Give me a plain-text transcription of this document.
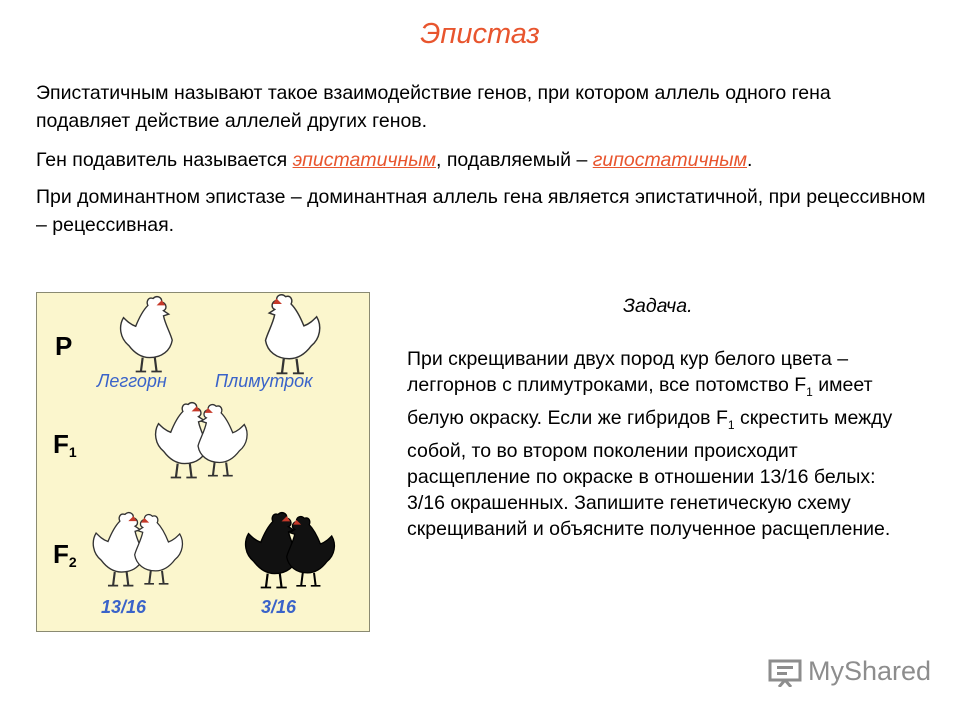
Эпистаз

Эпистатичным называют такое взаимодействие генов, при котором аллель одного гена подавляет действие аллелей других генов.

Ген подавитель называется эпистатичным, подавляемый – гипостатичным.

При доминантном эпистазе – доминантная аллель гена является эпистатичной, при рецессивном – рецессивная.

P
$F_1$
$F_2$
Леггорн	Плимутрок
13/16	3/16
Задача.

При скрещивании двух пород кур белого цвета – леггорнов с плимутроками, все потомство $F_1$ имеет белую окраску. Если же гибридов $F_1$ скрестить между собой, то во втором поколении происходит расщепление по окраске в отношении 13/16 белых: 3/16 окрашенных. Запишите генетическую схему скрещиваний и объясните полученное расщепление.

MyShared
